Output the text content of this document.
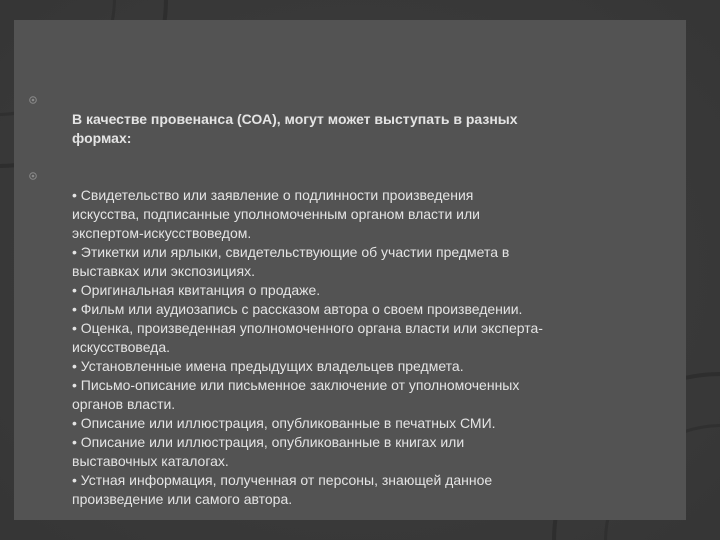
В качестве провенанса (СОА), могут может выступать в разных
формах:

• Свидетельство или заявление о подлинности произведения
искусства, подписанные уполномоченным органом власти или
экспертом-искусствоведом.
• Этикетки или ярлыки, свидетельствующие об участии предмета в
выставках или экспозициях.
• Оригинальная квитанция о продаже.
• Фильм или аудиозапись с рассказом автора о своем произведении.
• Оценка, произведенная уполномоченного органа власти или эксперта-
искусствоведа.
• Установленные имена предыдущих владельцев предмета.
• Письмо-описание или письменное заключение от уполномоченных
органов власти.
• Описание или иллюстрация, опубликованные в печатных СМИ.
• Описание или иллюстрация, опубликованные в книгах или
выставочных каталогах.
• Устная информация, полученная от персоны, знающей данное
произведение или самого автора.
